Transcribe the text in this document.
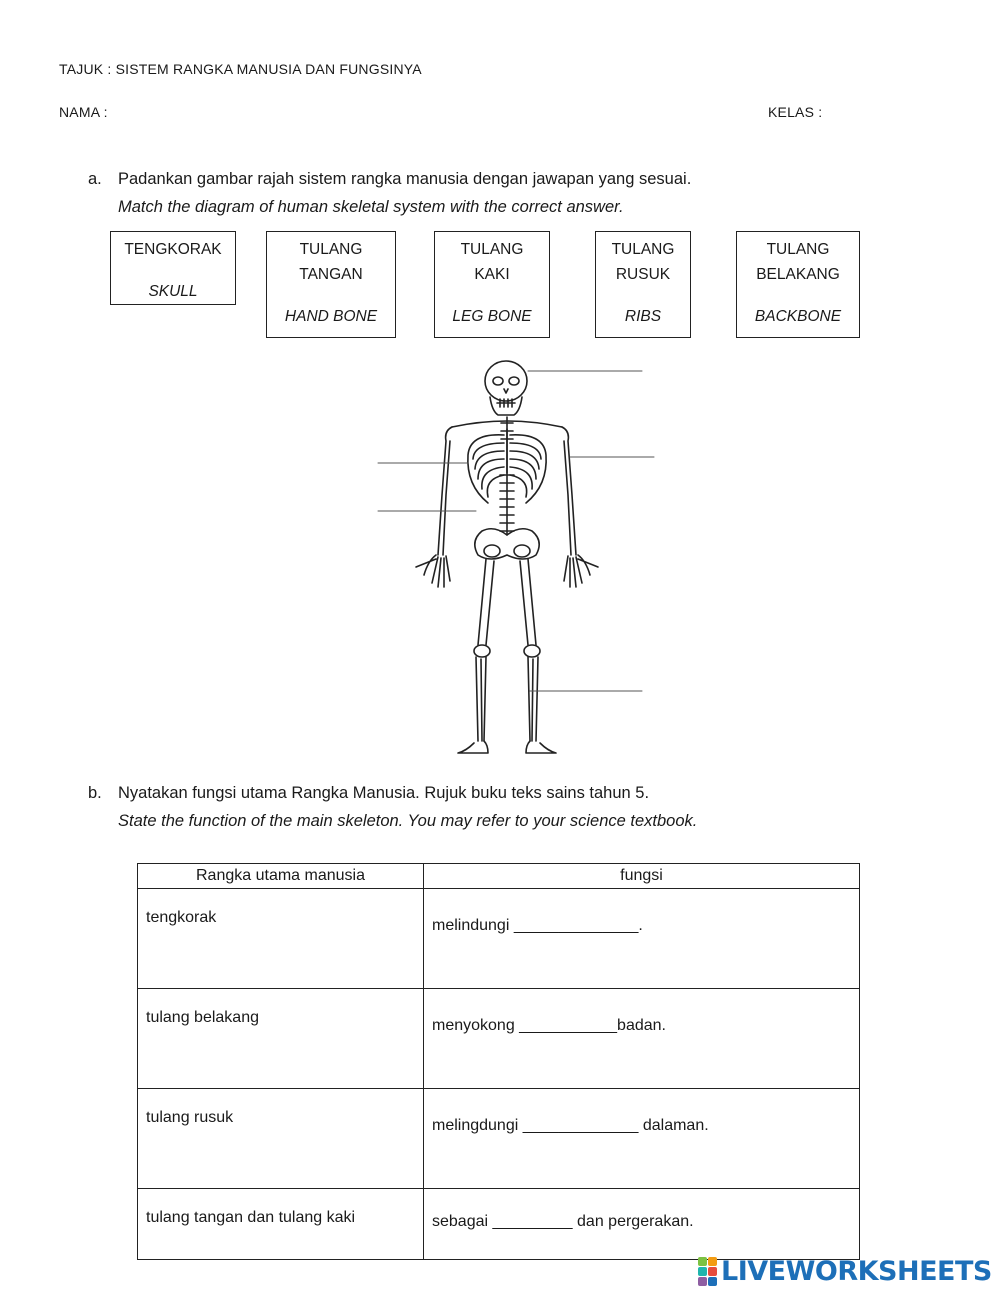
TAJUK : SISTEM RANGKA MANUSIA DAN FUNGSINYA
NAMA :	KELAS :
a. Padankan gambar rajah sistem rangka manusia dengan jawapan yang sesuai.
Match the diagram of human skeletal system with the correct answer.
TENGKORAK
SKULL
TULANG
TANGAN
HAND BONE
TULANG
KAKI
LEG BONE
TULANG
RUSUK
RIBS
TULANG
BELAKANG
BACKBONE
b. Nyatakan fungsi utama Rangka Manusia. Rujuk buku teks sains tahun 5.
State the function of the main skeleton. You may refer to your science textbook.
Rangka utama manusia	fungsi
tengkorak	melindungi ______________.
tulang belakang	menyokong ___________badan.
tulang rusuk	melingdungi _____________ dalaman.
tulang tangan dan tulang kaki	sebagai _________ dan pergerakan.
LIVEWORKSHEETS
